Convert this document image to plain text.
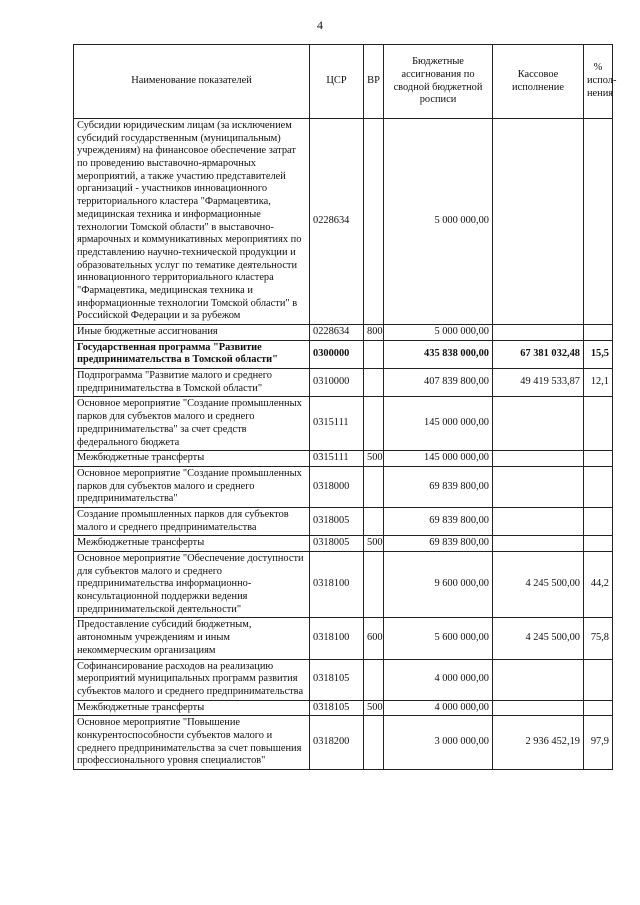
4
Наименование показателей	ЦСР	ВР	Бюджетные ассигнования по сводной бюджетной росписи	Кассовое исполнение	% испол-нения
Субсидии юридическим лицам (за исключением субсидий государственным (муниципальным) учреждениям) на финансовое обеспечение затрат по проведению выставочно-ярмарочных мероприятий, а также участию представителей организаций - участников инновационного территориального кластера "Фармацевтика, медицинская техника и информационные технологии Томской области" в выставочно-ярмарочных и коммуникативных мероприятиях по представлению научно-технической продукции и образовательных услуг по тематике деятельности инновационного территориального кластера "Фармацевтика, медицинская техника и информационные технологии Томской области" в Российской Федерации и за рубежом	0228634		5 000 000,00		
Иные бюджетные ассигнования	0228634	800	5 000 000,00		
Государственная программа "Развитие предпринимательства в Томской области"	0300000		435 838 000,00	67 381 032,48	15,5
Подпрограмма "Развитие малого и среднего предпринимательства в Томской области"	0310000		407 839 800,00	49 419 533,87	12,1
Основное мероприятие "Создание промышленных парков для субъектов малого и среднего предпринимательства" за счет средств федерального бюджета	0315111		145 000 000,00		
Межбюджетные трансферты	0315111	500	145 000 000,00		
Основное мероприятие "Создание промышленных парков для субъектов малого и среднего предпринимательства"	0318000		69 839 800,00		
Создание промышленных парков для субъектов малого и среднего предпринимательства	0318005		69 839 800,00		
Межбюджетные трансферты	0318005	500	69 839 800,00		
Основное мероприятие "Обеспечение доступности для субъектов малого и среднего предпринимательства информационно-консультационной поддержки ведения предпринимательской деятельности"	0318100		9 600 000,00	4 245 500,00	44,2
Предоставление субсидий бюджетным, автономным учреждениям и иным некоммерческим организациям	0318100	600	5 600 000,00	4 245 500,00	75,8
Софинансирование расходов на реализацию мероприятий муниципальных программ развития субъектов малого и среднего предпринимательства	0318105		4 000 000,00		
Межбюджетные трансферты	0318105	500	4 000 000,00		
Основное мероприятие "Повышение конкурентоспособности субъектов малого и среднего предпринимательства за счет повышения профессионального уровня специалистов"	0318200		3 000 000,00	2 936 452,19	97,9
